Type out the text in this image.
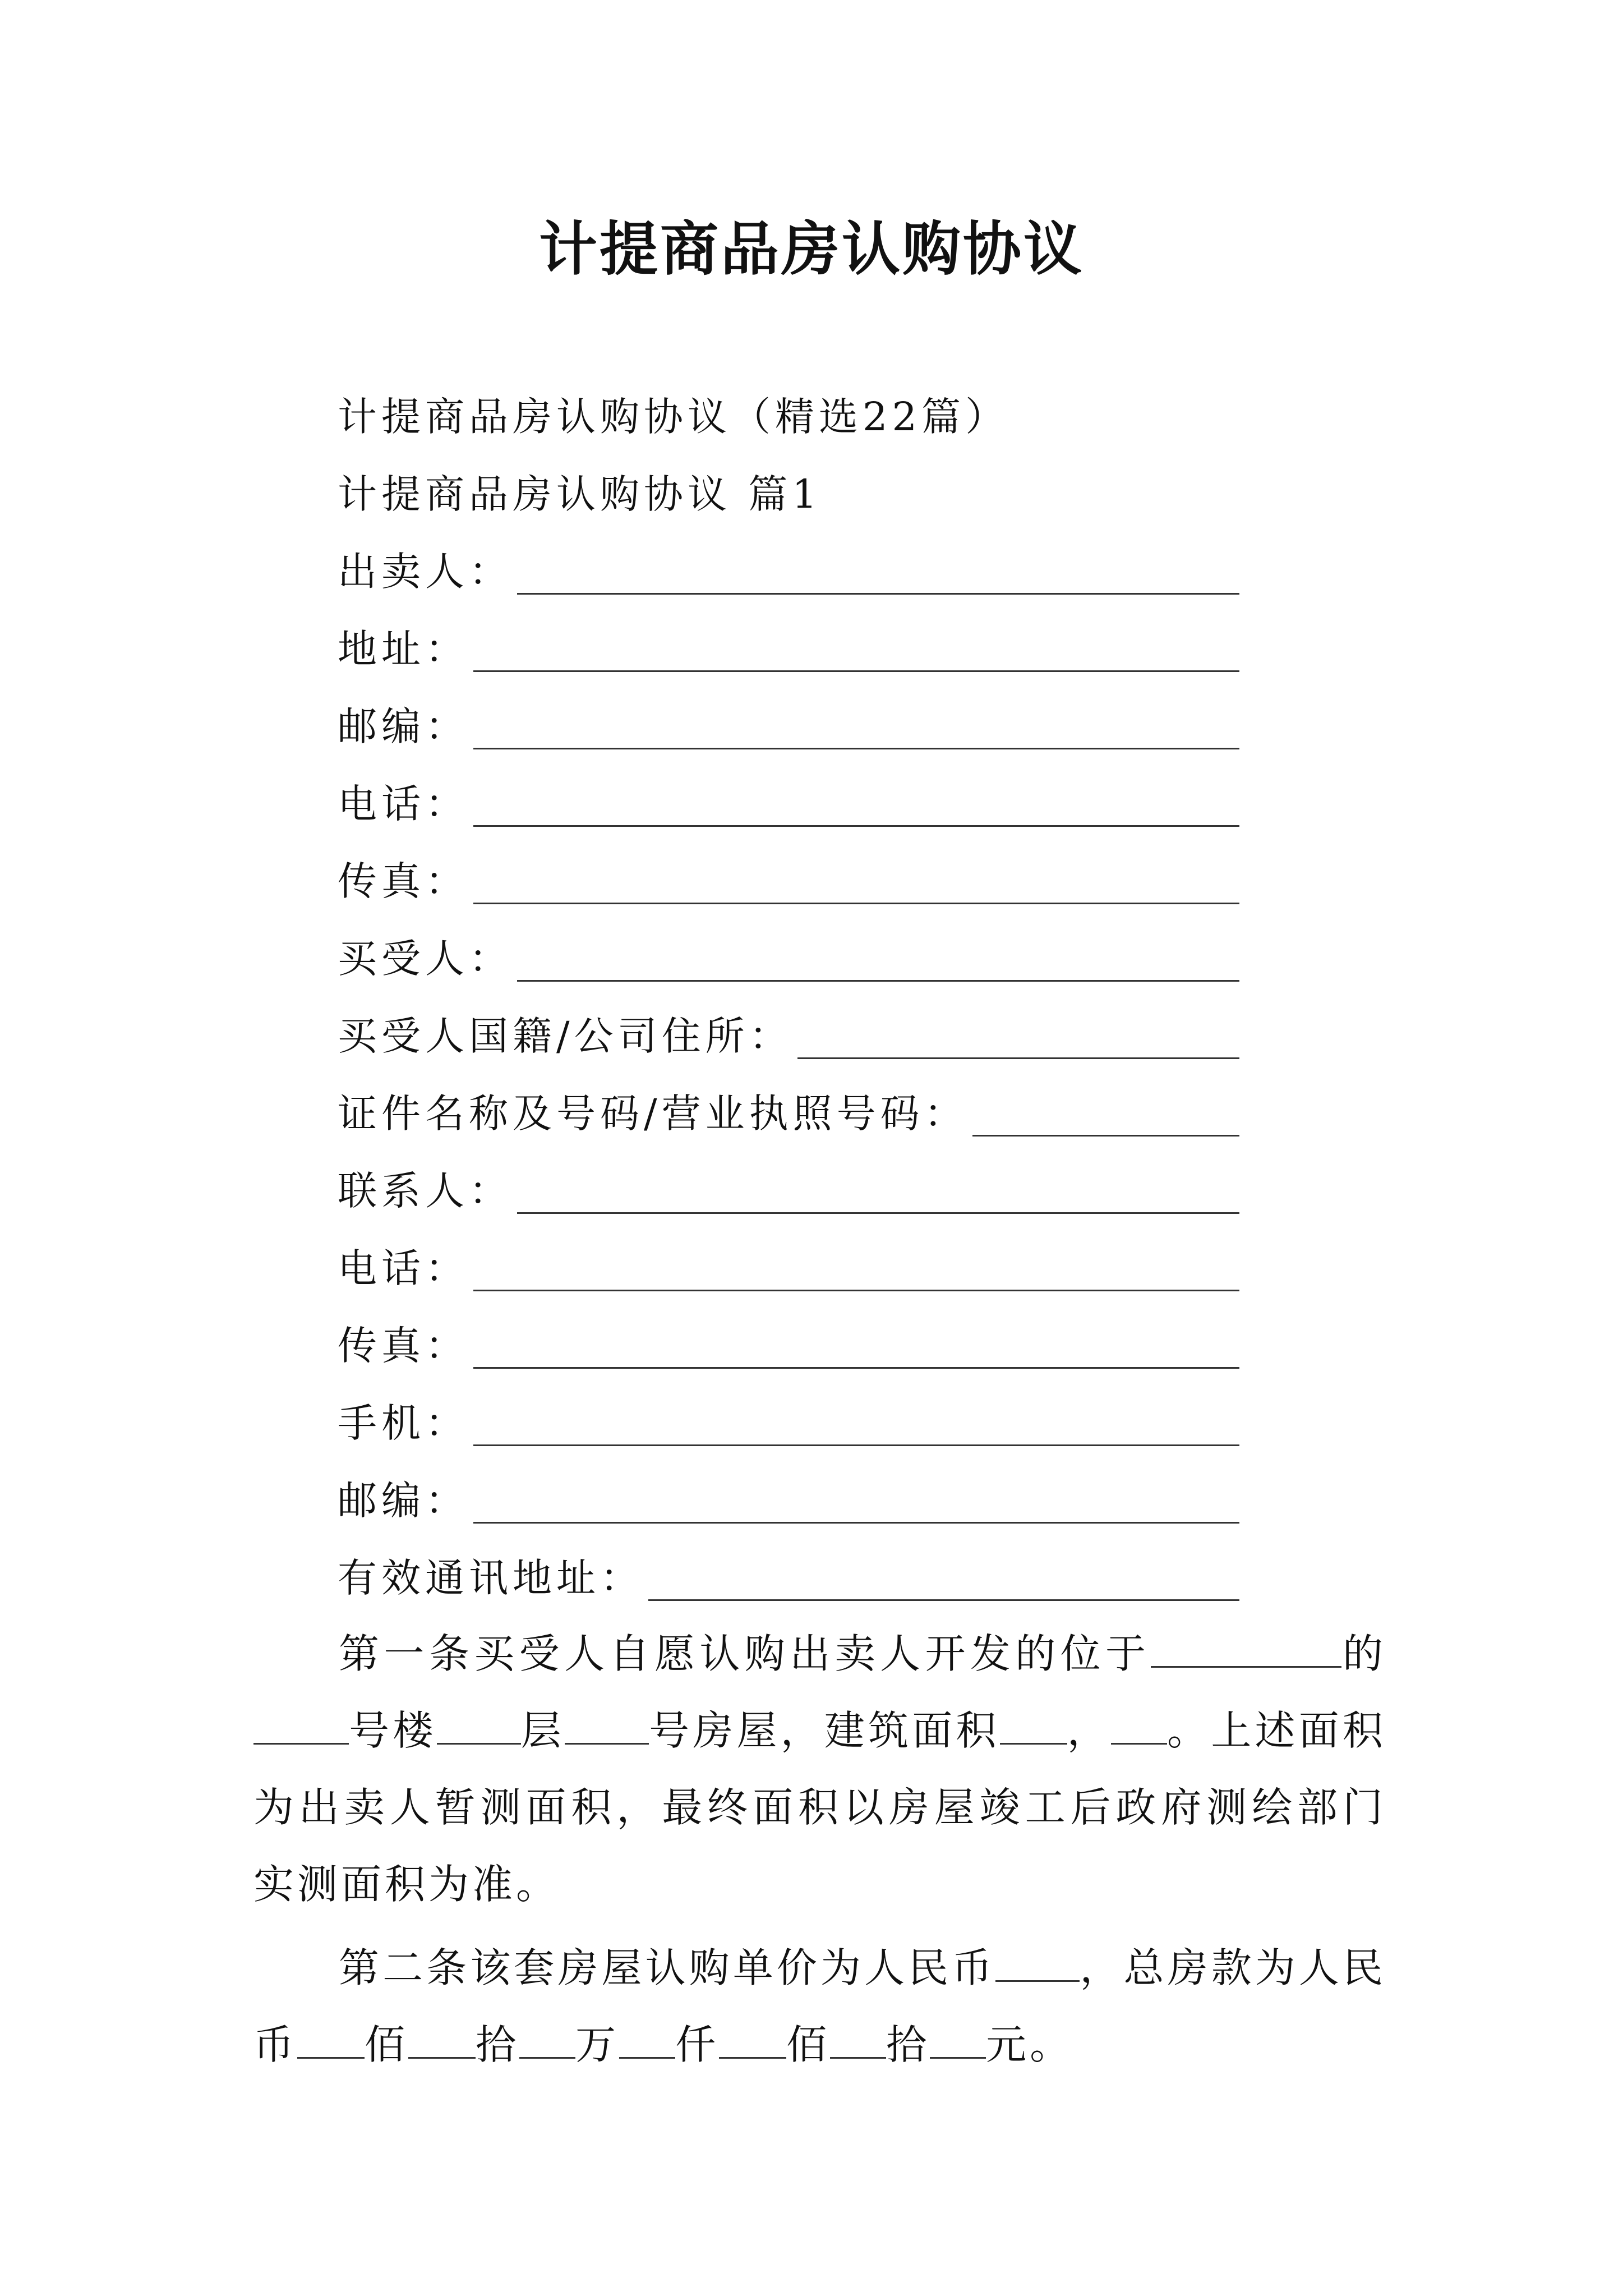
计提商品房认购协议
计提商品房认购协议（精选22篇）
计提商品房认购协议 篇1
出卖人：
地址：
邮编：
电话：
传真：
买受人：
买受人国籍/公司住所：
证件名称及号码/营业执照号码：
联系人：
电话：
传真：
手机：
邮编：
有效通讯地址：

第一条买受人自愿认购出卖人开发的位于	的号楼 层 号房屋，建筑面积 ， 。上述面积为出卖人暂测面积，最终面积以房屋竣工后政府测绘部门实测面积为准。

第二条该套房屋认购单价为人民币 ，总房款为人民币 佰 拾 万 仟 佰 拾 元。
